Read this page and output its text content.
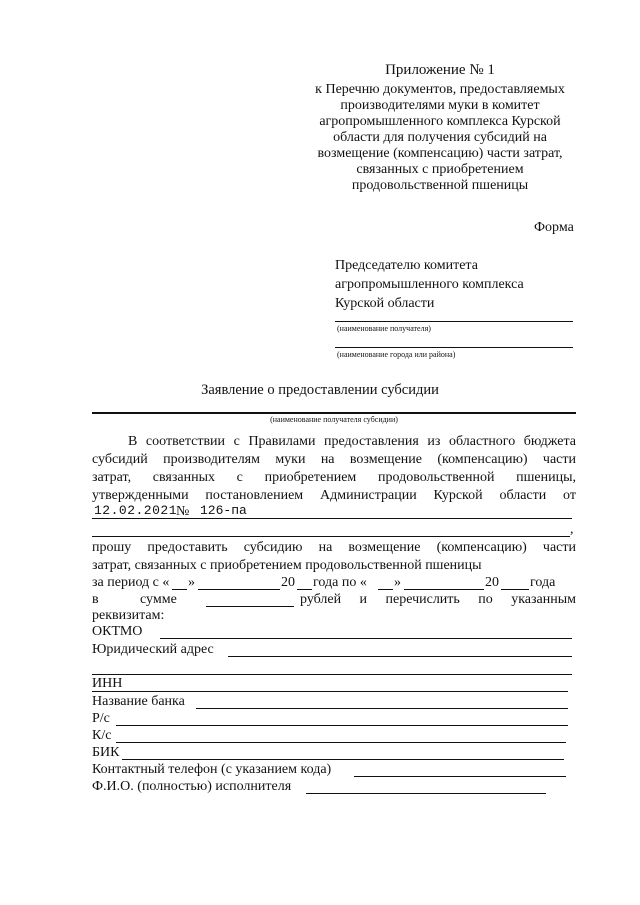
Приложение № 1
к Перечню документов, предоставляемых
производителями муки в комитет
агропромышленного комплекса Курской
области для получения субсидий на
возмещение (компенсацию) части затрат,
связанных с приобретением
продовольственной пшеницы
Форма
Председателю комитета
агропромышленного комплекса
Курской области
(наименование получателя)
(наименование города или района)
Заявление о предоставлении субсидии
(наименование получателя субсидии)
В соответствии с Правилами предоставления из областного бюджета
субсидий производителям муки на возмещение (компенсацию) части
затрат, связанных с приобретением продовольственной пшеницы,
утвержденными постановлением Администрации Курской области от
12.02.2021
№ 126-па
,
прошу предоставить субсидию на возмещение (компенсацию) части
затрат, связанных с приобретением продовольственной пшеницы
за период с « »	20 года по « »	20 года
в	сумме	рублей и перечислить по указанным
реквизитам:
ОКТМО
Юридический адрес
ИНН
Название банка
Р/с
К/с
БИК
Контактный телефон (с указанием кода)
Ф.И.О. (полностью) исполнителя
